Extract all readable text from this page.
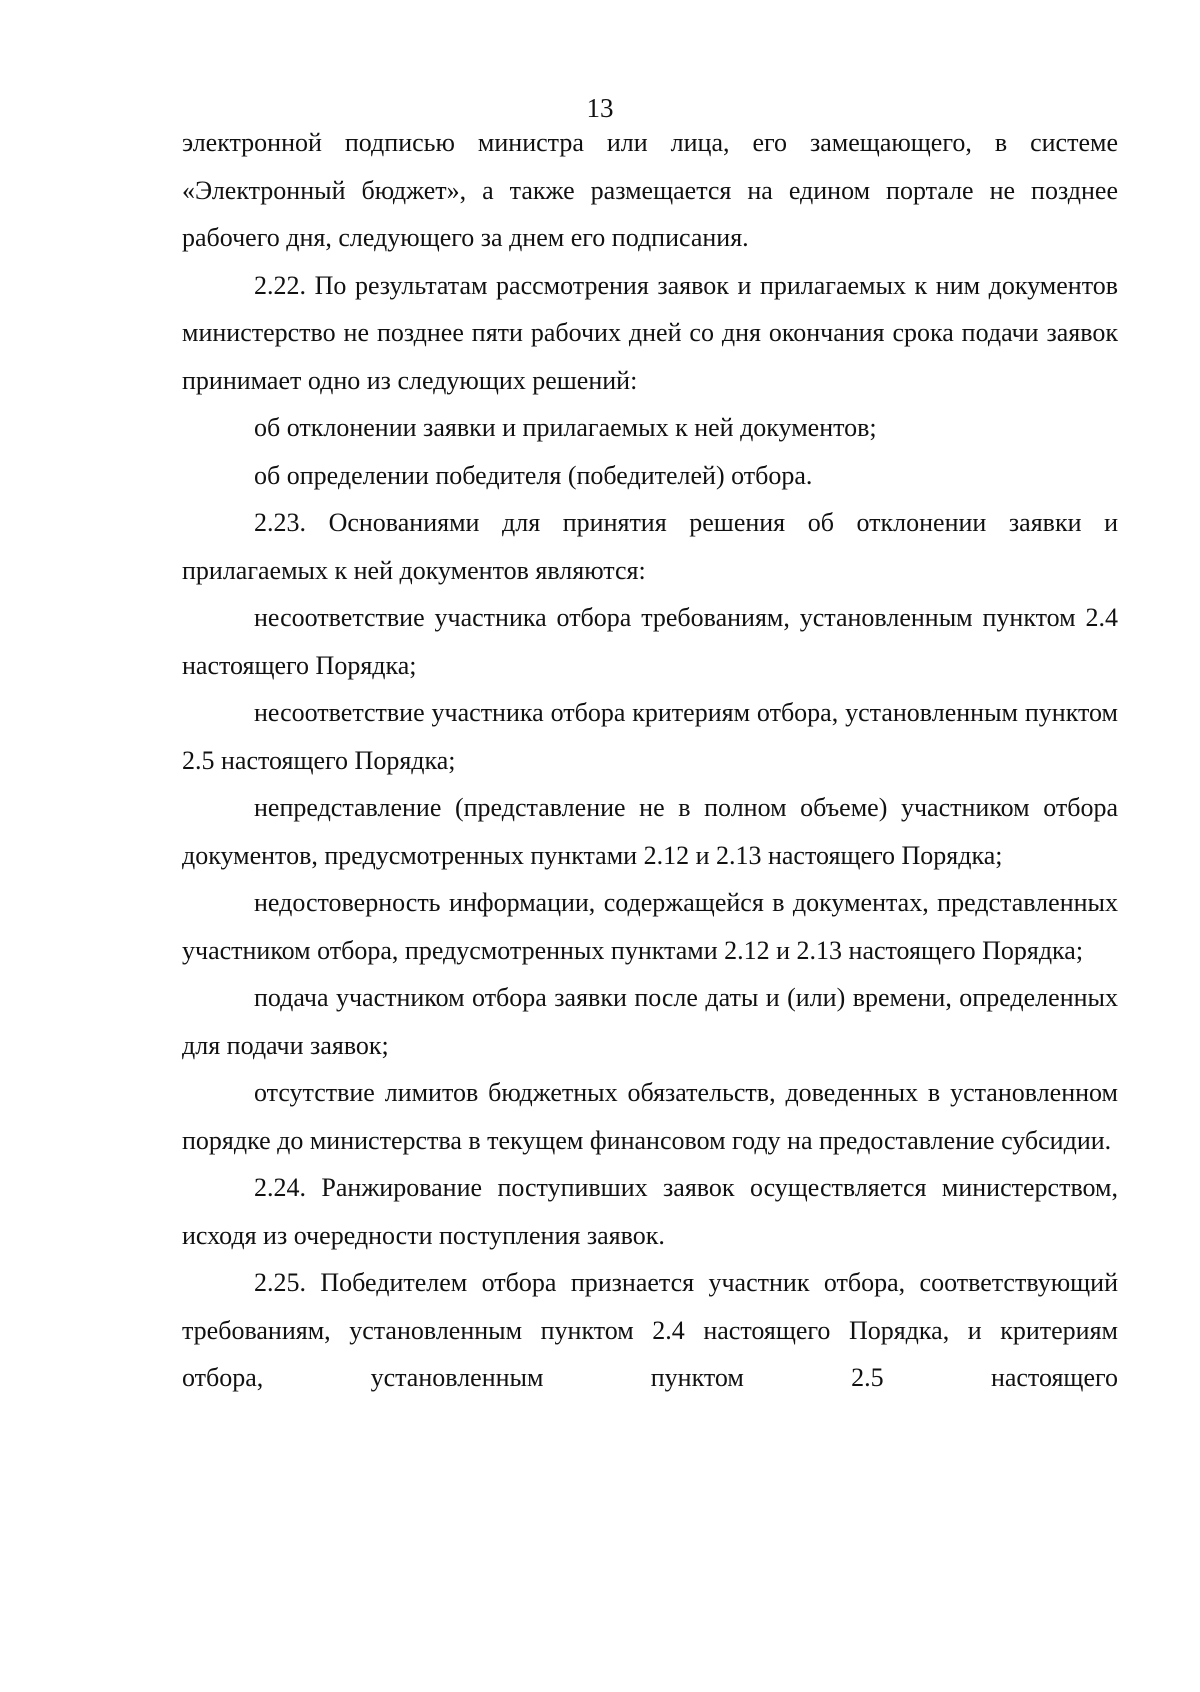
13

электронной подписью министра или лица, его замещающего, в системе «Электронный бюджет», а также размещается на едином портале не позднее рабочего дня, следующего за днем его подписания.

2.22. По результатам рассмотрения заявок и прилагаемых к ним документов министерство не позднее пяти рабочих дней со дня окончания срока подачи заявок принимает одно из следующих решений:

об отклонении заявки и прилагаемых к ней документов;

об определении победителя (победителей) отбора.

2.23. Основаниями для принятия решения об отклонении заявки и прилагаемых к ней документов являются:

несоответствие участника отбора требованиям, установленным пунктом 2.4 настоящего Порядка;

несоответствие участника отбора критериям отбора, установленным пунктом 2.5 настоящего Порядка;

непредставление (представление не в полном объеме) участником отбора документов, предусмотренных пунктами 2.12 и 2.13 настоящего Порядка;

недостоверность информации, содержащейся в документах, представленных участником отбора, предусмотренных пунктами 2.12 и 2.13 настоящего Порядка;

подача участником отбора заявки после даты и (или) времени, определенных для подачи заявок;

отсутствие лимитов бюджетных обязательств, доведенных в установленном порядке до министерства в текущем финансовом году на предоставление субсидии.

2.24. Ранжирование поступивших заявок осуществляется министерством, исходя из очередности поступления заявок.

2.25. Победителем отбора признается участник отбора, соответствующий требованиям, установленным пунктом 2.4 настоящего Порядка, и критериям отбора, установленным пунктом 2.5 настоящего
